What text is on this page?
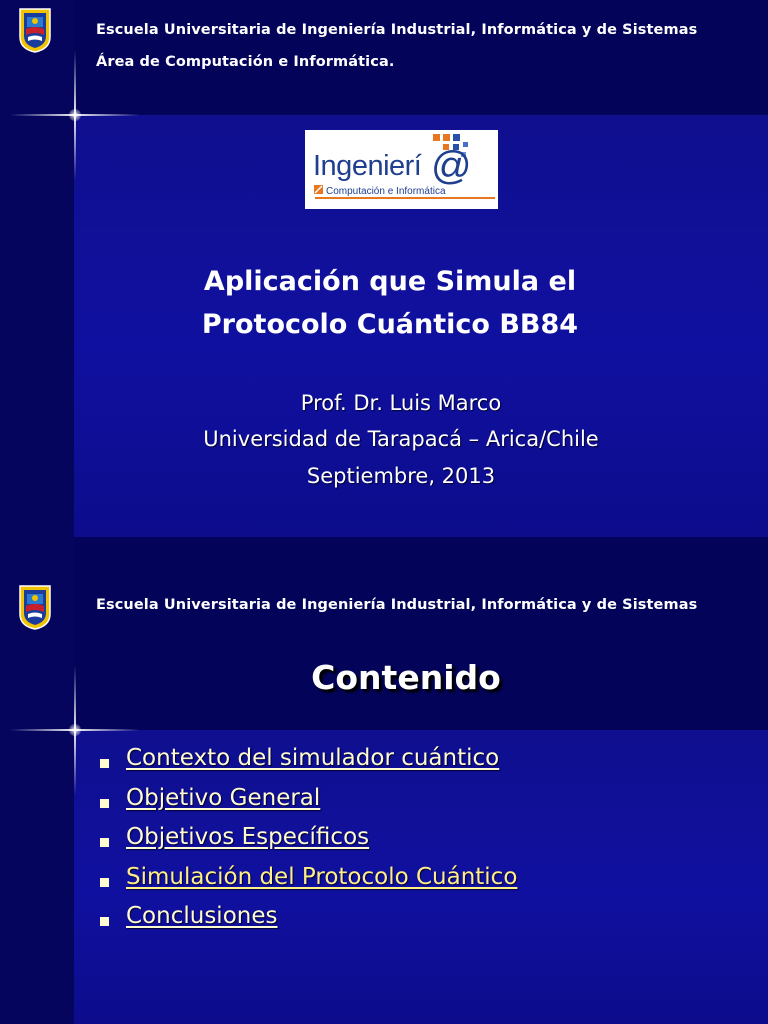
Escuela Universitaria de Ingeniería Industrial, Informática y de Sistemas
Área de Computación e Informática.
Ingenierí @
Computación e Informática
Aplicación que Simula el
Protocolo Cuántico BB84
Prof. Dr. Luis Marco
Universidad de Tarapacá – Arica/Chile
Septiembre, 2013
Escuela Universitaria de Ingeniería Industrial, Informática y de Sistemas
Contenido
Contexto del simulador cuántico
Objetivo General
Objetivos Específicos
Simulación del Protocolo Cuántico
Conclusiones
